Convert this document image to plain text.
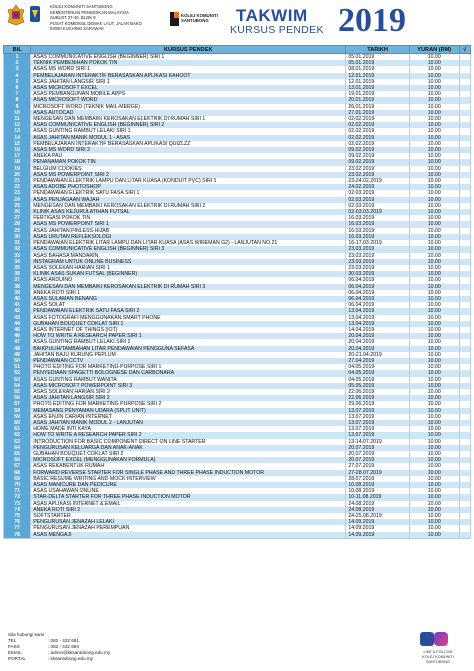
KOLEJ KOMUNITI SANTUBONG
KEMENTERIAN PENDIDIKAN MALAYSIA
SUBLOT 27-40, BLOK 8
PUSAT KOMERSIL DEMAK LAUT, JALAN BAKO
93050 KUCHING SARAWAK
KOLEJ KOMUNITI
SANTUBONG	TAKWIM
KURSUS PENDEK 2019
BIL	KURSUS PENDEK	TARIKH	YURAN (RM)	√
1	ASAS COMMUNICATIVE ENGLISH (BEGINNER) SIRI 1	05.01.2019	10.00	
2	TEKNIK PEMBENIHAN POKOK TIN	05.01.2019	10.00	
3	ASAS MS WORD SIRI 1	08.01.2019	10.00	
4	PEMBELAJARAN INTERAKTIF BERASASKAN APLIKASI KAHOOT	12.01.2019	10.00	
5	ASAS JAHITAN LANGSIR SIRI 1	12.01.2019	10.00	
6	ASAS MICROSOFT EXCEL	13.01.2019	10.00	
7	ASAS PEMBANGUNAN MOBILE APPS	19.01.2019	10.00	
8	ASAS MICROSOFT WORD	20.01.2019	10.00	
9	MICROSOFT WORD (TEKNIK MAIL-MERGE)	26.01.2019	10.00	
10	ASAS AUTOCAD	27.01.2019	10.00	
11	MENGESAN DAN MEMBAIKI KEROSAKAN ELEKTRIK DI RUMAH SIRI 1	02.02.2019	10.00	
12	ASAS COMMUNICATIVE ENGLISH (BEGINNER) SIRI 2	02.02.2019	10.00	
13	ASAS GUNTING RAMBUT LELAKI SIRI 1	02.02.2019	10.00	
14	ASAS JAHITAN MANIK MODUL 1 - ASAS	02.02.2019	10.00	
15	PEMBELAJARAN INTERAKTIF BERASASKAN APLIKASI QUIZLZZ	02.02.2019	10.00	
16	ASAS MS WORD SIRI 2	09.02.2019	10.00	
17	ANEKA PAU	09.02.2019	10.00	
18	PENANAMAN POKOK TIN	09.02.2019	10.00	
19	BELGIUM COOKIES	23.02.2019	10.00	
20	ASAS MS POWERPOINT SIRI 2	23.02.2019	10.00	
21	PENDAWAIAN ELEKTRIK LAMPU DAN LITAR KUASA (KONDUIT PVC) SIRI 1	23-24.02.2019	10.00	
22	ASAS ADOBE PHOTOSHOP	24.02.2019	10.00	
23	PENDAWAIAN ELEKTRIK SATU FASA SIRI 1	02.03.2019	10.00	
24	ASAS PENJAGAAN WAJAH	02.03.2019	10.00	
25	MENGESAN DAN MEMBAIKI KEROSAKAN ELEKTRIK DI RUMAH SIRI 2	02.03.2019	10.00	
26	KLINIK ASAS KEJURULATIHAN FUTSAL	02-03.03.2019	10.00	
27	FERTIGASI POKOK TIN	16.03.2019	10.00	
28	ASAS MS POWERPOINT SIRI 1	16.03.2019	10.00	
29	ASAS JAHITAN PINLESS HIJAB	16.03.2019	10.00	
30	ASAS URUTAN REFLEKSOLOGI	16.03.2019	10.00	
31	PENDAWAIAN ELEKTRIK LITAR LAMPU DAN LITAR KUASA (ASAS WIREMAN G2) - LANJUTAN NO.21	16-17.03.2019	10.00	
32	ASAS COMMUNICATIVE ENGLISH (BEGINNER) SIRI 3	23.03.2019	10.00	
33	ASAS BAHASA MANDARIN	23.03.2019	10.00	
34	INSTAGRAM UNTUK ONLINE BUSINESS	23.03.2019	10.00	
35	ASAS SOLEKAN HARIAN SIRI 1	23.03.2019	10.00	
36	KLINIK ASAS SUKAN FUTSAL (BEGINNER)	30.03.2019	10.00	
37	ASAS ARDUINO	06.04.2019	10.00	
38	MENGESAN DAN MEMBAIKI KEROSAKAN ELEKTRIK DI RUMAH SIRI 3	06.04.2019	10.00	
39	ANEKA ROTI SIRI 1	06.04.2019	10.00	
40	ASAS SULAMAN BENANG	06.04.2019	10.00	
41	ASAS SOLAT	06.04.2019	10.00	
42	PENDAWAIAN ELEKTRIK SATU FASA SIRI 2	13.04.2019	10.00	
43	ASAS FOTOGRAFI MENGGUNAKAN SMART PHONE	13.04.2019	10.00	
44	GUBAHAN BOUQUET COKLAT SIRI 1	13.04.2019	10.00	
45	ASAS INTERNET OF THINGS (IOT)	14.04.2019	10.00	
46	HOW TO WRITE A RESEARCH PAPER SIRI 1	20.04.2019	10.00	
47	ASAS GUNTING RAMBUT LELAKI SIRI 2	20.04.2019	10.00	
48	BAIKPULIH/TAMBAHAN LITAR PENDAWAIAN PENGGUNA SEFASA	20.04.2019	10.00	
49	JAHITAN BAJU KURUNG PEPLUM	20-21.04.2019	10.00	
50	PENDAWAIAN CCTV	27.04.2019	10.00	
51	PHOTO EDITING FOR MARKETING PURPOSE SIRI 1	04.05.2019	10.00	
52	PENYEDIAAN SPAGETTI BOLOGNESE DAN CARBONARA	04.05.2019	10.00	
53	ASAS GUNTING RAMBUT WANITA	04.05.2019	10.00	
54	ASAS MICROSOFT POWERPOINT SIRI 3	05.05.2019	10.00	
55	ASAS SOLEKAN HARIAN SIRI 2	22.06.2019	10.00	
56	ASAS JAHITAN LANGSIR SIRI 2	22.06.2019	10.00	
57	PHOTO EDITING FOR MARKETING PURPOSE SIRI 2	29.06.2019	10.00	
58	MEMASANG PENYAMAN UDARA (SPLIT UNIT)	13.07.2019	10.00	
59	ASAS ENJIN CARIAN INTERNET	13.07.2019	10.00	
60	ASAS JAHITAN MANIK MODUL 2 - LANJUTAN	13.07.2019	10.00	
61	HOME MADE INTI KAYA	13.07.2019	10.00	
62	HOW TO WRITE A RESEARCH PAPER SIRI 2	13.07.2019	10.00	
63	INTRODUCTION FOR BASIC COMPONENT DIRECT ON LINE STARTER	13-14.07.2019	10.00	
64	PENGURUSAN KELUARGA DAN ANAK-ANAK	20.07.2019	10.00	
65	GUBAHAN BOUQUET COKLAT SIRI 2	20.07.2019	10.00	
66	MICROSOFT EXCEL (MENGGUNAKAN FORMULA)	20.07.2019	10.00	
67	ASAS REKABENTUK RUMAH	27.07.2019	10.00	
68	FORWARD REVERSE STARTER FOR SINGLE PHASE AND THREE PHASE INDUCTION MOTOR	27-28.07.2019	10.00	
69	BASIC RESUME WRITING AND MOCK INTERVIEW	28.07.2019	10.00	
70	ASAS MANICURE DAN PEDICURE	10.08.2019	10.00	
71	ASAS USAHAWAN ONLINE	10.08.2019	10.00	
72	STAR-DELTA STARTER FOR THREE PHASE INDUCTION MOTOR	10-11.08.2019	10.00	
73	ASAS APLIKASI INTERNET & EMAIL	24.08.2019	10.00	
74	ANEKA ROTI SIRI 2	24.08.2019	10.00	
75	SOFTSTARTER	24-25.08.2019	10.00	
76	PENGURUSAN JENAZAH LELAKI	14.09.2019	10.00	
77	PENGURUSAN JENAZAH PEREMPUAN	14.09.2019	10.00	
78	ASAS MENGAJI	14.09.2019	10.00	
Sila hubungi kami:
TEL	: 082 - 432 691
FAKS	: 082 - 432 694
EMAIL	: admin@kksantubong.edu.my
PORTAL	: kksantubong.edu.my
LIKE & FOLLOW
KOLEJ KOMUNITI SANTUBONG
